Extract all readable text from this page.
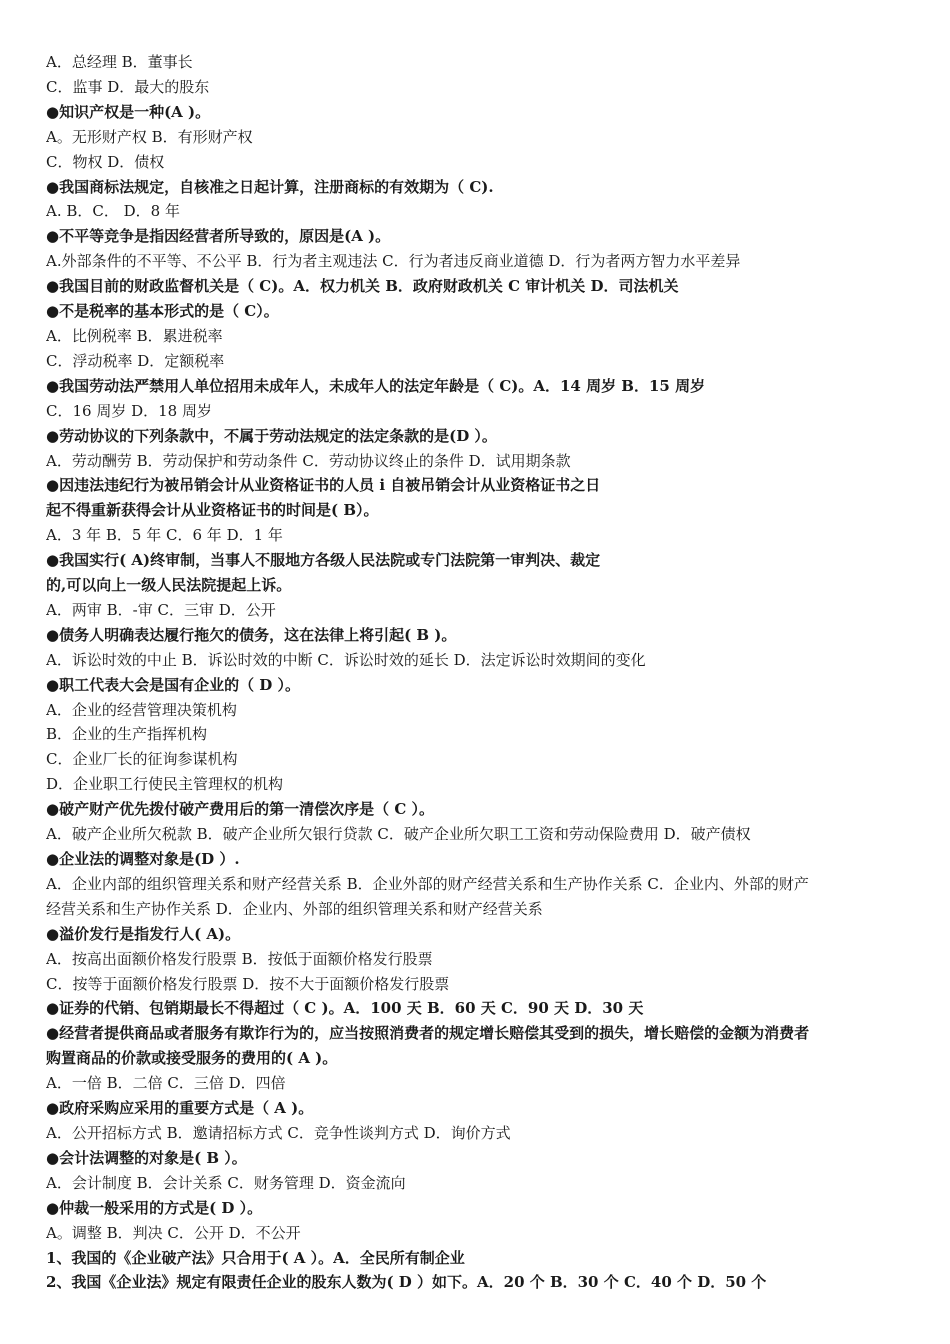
A．总经理 B．董事长
C．监事 D．最大的股东
●知识产权是一种(A )。
A。无形财产权 B．有形财产权
C．物权 D．债权
●我国商标法规定，自核准之日起计算，注册商标的有效期为（ C).
A. B．C． D．8 年
●不平等竞争是指因经营者所导致的，原因是(A )。
A.外部条件的不平等、不公平 B．行为者主观违法 C．行为者违反商业道德 D．行为者两方智力水平差异
●我国目前的财政监督机关是（ C)。A．权力机关 B．政府财政机关 C 审计机关 D．司法机关
●不是税率的基本形式的是（ C）。
A．比例税率 B．累进税率
C．浮动税率 D．定额税率
●我国劳动法严禁用人单位招用未成年人，未成年人的法定年龄是（ C)。A．14 周岁 B．15 周岁
C．16 周岁 D．18 周岁
●劳动协议的下列条款中，不属于劳动法规定的法定条款的是(D ）。
A．劳动酬劳 B．劳动保护和劳动条件 C．劳动协议终止的条件 D．试用期条款
●因违法违纪行为被吊销会计从业资格证书的人员 i 自被吊销会计从业资格证书之日
起不得重新获得会计从业资格证书的时间是( B）。
A．3 年 B．5 年 C．6 年 D．1 年
●我国实行( A)终审制，当事人不服地方各级人民法院或专门法院第一审判决、裁定
的,可以向上一级人民法院提起上诉。
A．两审 B．-审 C．三审 D．公开
●债务人明确表达履行拖欠的债务，这在法律上将引起( B )。
A．诉讼时效的中止 B．诉讼时效的中断 C．诉讼时效的延长 D．法定诉讼时效期间的变化
●职工代表大会是国有企业的（ D ）。
A．企业的经营管理决策机构
B．企业的生产指挥机构
C．企业厂长的征询参谋机构
D．企业职工行使民主管理权的机构
●破产财产优先拨付破产费用后的第一清偿次序是（ C ）。
A．破产企业所欠税款 B．破产企业所欠银行贷款 C．破产企业所欠职工工资和劳动保险费用 D．破产债权
●企业法的调整对象是(D ）.
A．企业内部的组织管理关系和财产经营关系 B．企业外部的财产经营关系和生产协作关系 C．企业内、外部的财产
经营关系和生产协作关系 D．企业内、外部的组织管理关系和财产经营关系
●溢价发行是指发行人( A)。
A．按高出面额价格发行股票 B．按低于面额价格发行股票
C．按等于面额价格发行股票 D．按不大于面额价格发行股票
●证券的代销、包销期最长不得超过（ C )。A．100 天 B．60 天 C．90 天 D．30 天
●经营者提供商品或者服务有欺诈行为的，应当按照消费者的规定增长赔偿其受到的损失，增长赔偿的金额为消费者
购置商品的价款或接受服务的费用的( A )。
A．一倍 B．二倍 C．三倍 D．四倍
●政府采购应采用的重要方式是（ A )。
A．公开招标方式 B．邀请招标方式 C．竞争性谈判方式 D．询价方式
●会计法调整的对象是( B ）。
A．会计制度 B．会计关系 C．财务管理 D．资金流向
●仲裁一般采用的方式是( D ）。
A。调整 B．判决 C．公开 D．不公开
1、我国的《企业破产法》只合用于( A ）。A．全民所有制企业
2、我国《企业法》规定有限责任企业的股东人数为( D ）如下。A．20 个 B．30 个 C．40 个 D．50 个
